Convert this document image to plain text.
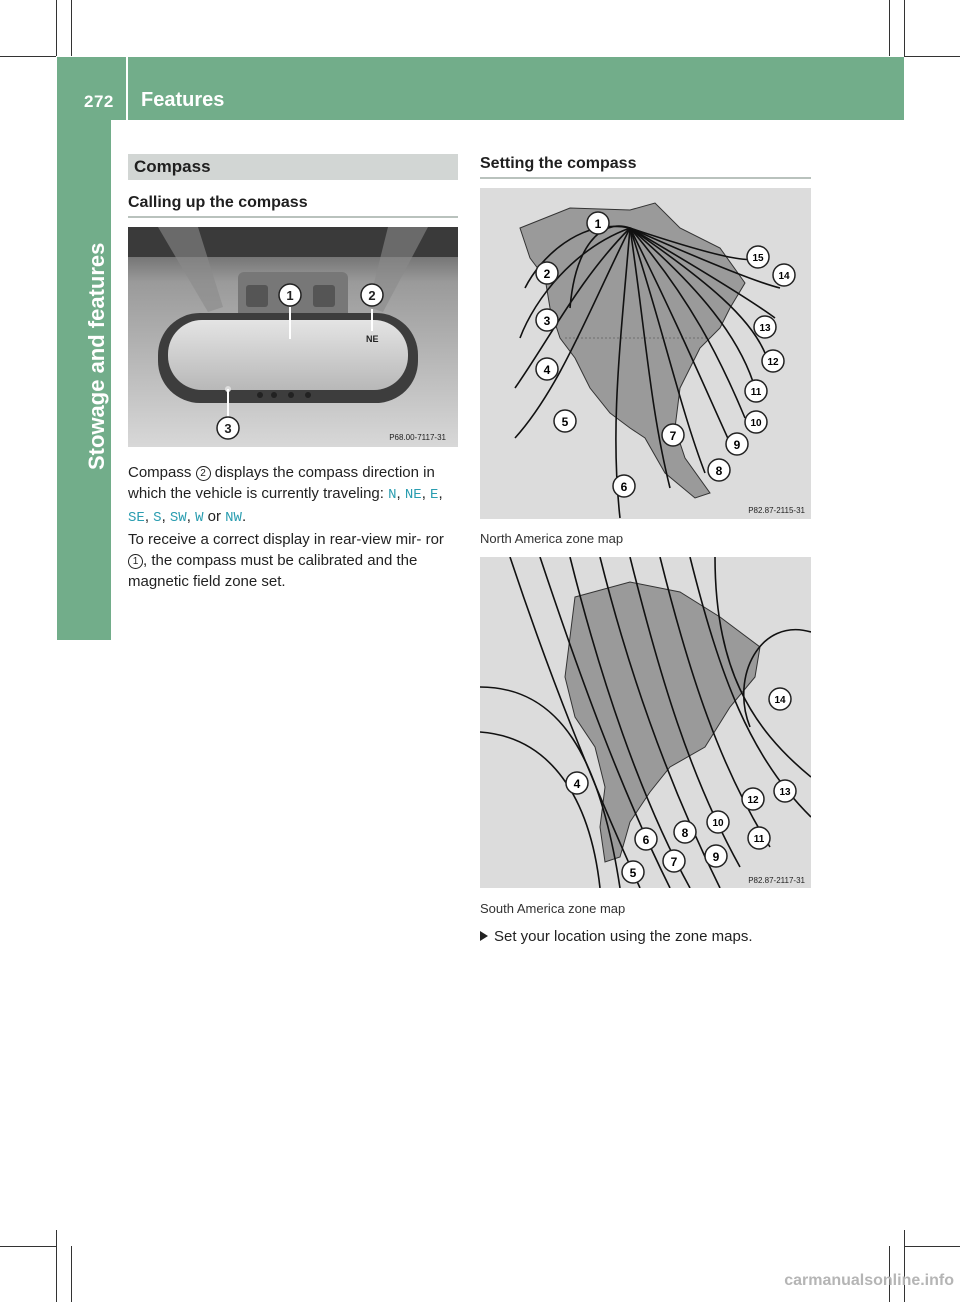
272 Features
Stowage and features
Compass
Calling up the compass
NE
1	2
3
P68.00-7117-31
Compass 2 displays the compass direction in which the vehicle is currently traveling: N, NE, E, SE, S, SW, W or NW.
To receive a correct display in rear-view mir- ror 1 , the compass must be calibrated and the magnetic field zone set.
Setting the compass
1
2
3
4
5
6
7
8
9
10
11
12
13
14
15
P82.87-2115-31
North America zone map
4
5
6
7
8
9
10
11
12
13
14
P82.87-2117-31
South America zone map
Set your location using the zone maps.
carmanualsonline.info
